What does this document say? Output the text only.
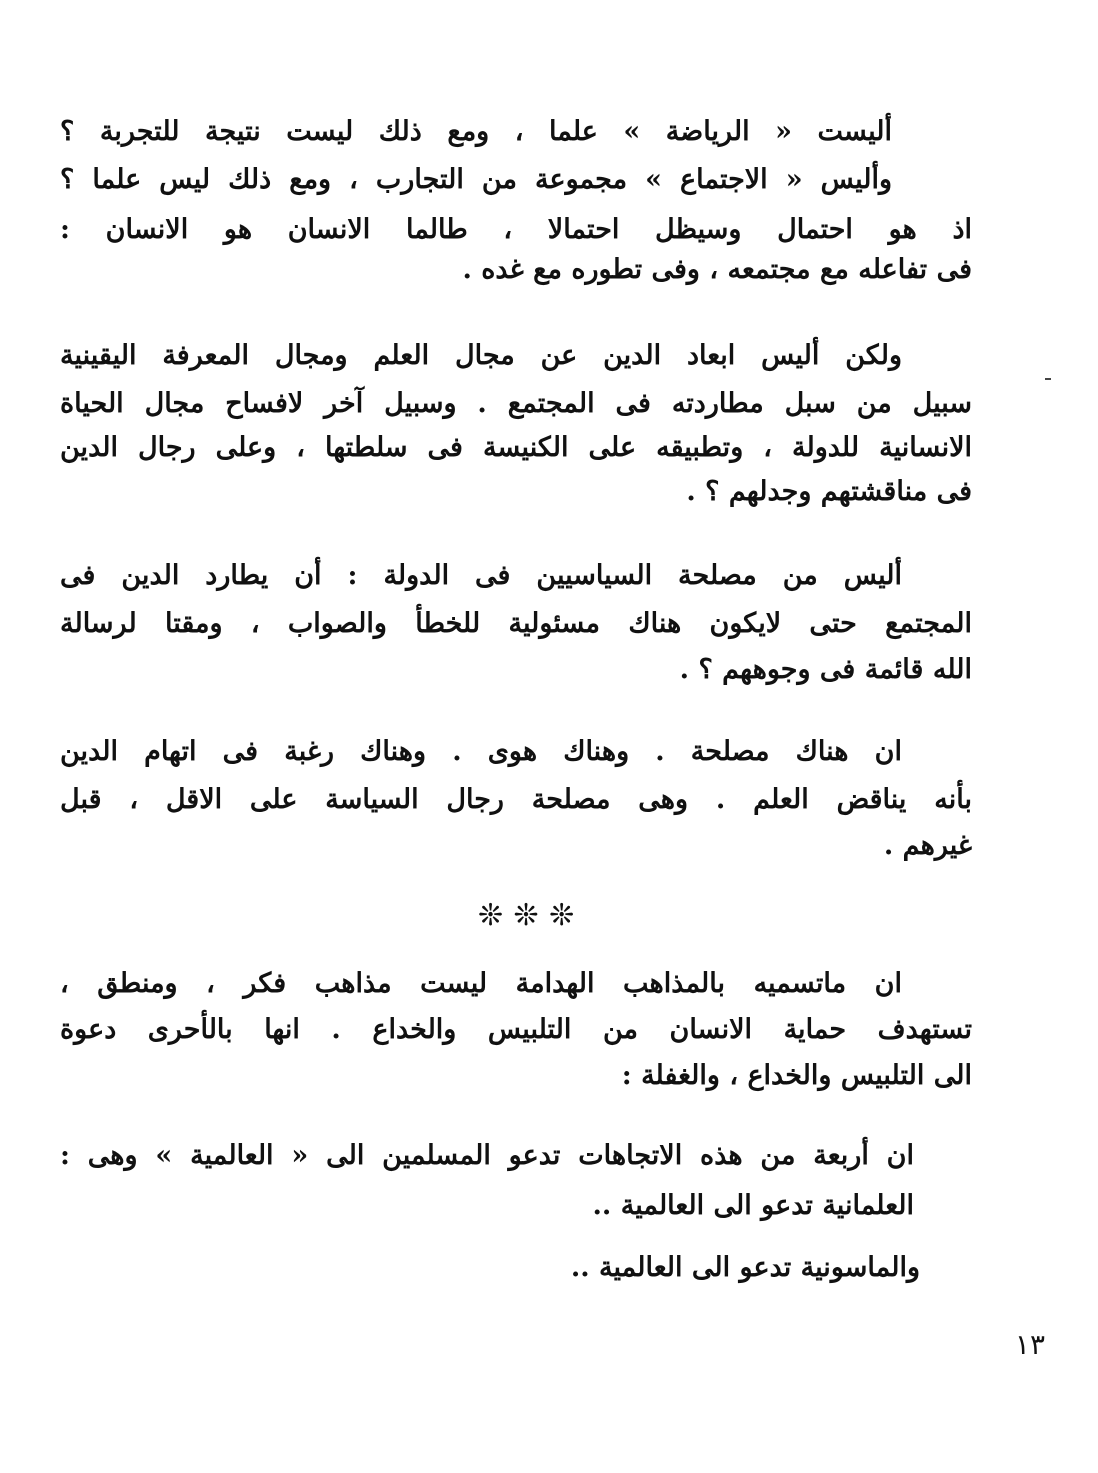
أليست « الرياضة » علما ، ومع ذلك ليست نتيجة للتجربة ؟
وأليس « الاجتماع » مجموعة من التجارب ، ومع ذلك ليس علما ؟
اذ هو احتمال وسيظل احتمالا ، طالما الانسان هو الانسان :
فى تفاعله مع مجتمعه ، وفى تطوره مع غده .
ولكن أليس ابعاد الدين عن مجال العلم ومجال المعرفة اليقينية
سبيل من سبل مطاردته فى المجتمع . وسبيل آخر لافساح مجال الحياة
الانسانية للدولة ، وتطبيقه على الكنيسة فى سلطتها ، وعلى رجال الدين
فى مناقشتهم وجدلهم ؟ .
أليس من مصلحة السياسيين فى الدولة : أن يطارد الدين فى
المجتمع حتى لايكون هناك مسئولية للخطأ والصواب ، ومقتا لرسالة
الله قائمة فى وجوههم ؟ .
ان هناك مصلحة . وهناك هوى . وهناك رغبة فى اتهام الدين
بأنه يناقض العلم . وهى مصلحة رجال السياسة على الاقل ، قبل
غيرهم .
❊ ❊ ❊
ان ماتسميه بالمذاهب الهدامة ليست مذاهب فكر ، ومنطق ،
تستهدف حماية الانسان من التلبيس والخداع . انها بالأحرى دعوة
الى التلبيس والخداع ، والغفلة :
ان أربعة من هذه الاتجاهات تدعو المسلمين الى « العالمية » وهى :
العلمانية تدعو الى العالمية ..
والماسونية تدعو الى العالمية ..
١٣
